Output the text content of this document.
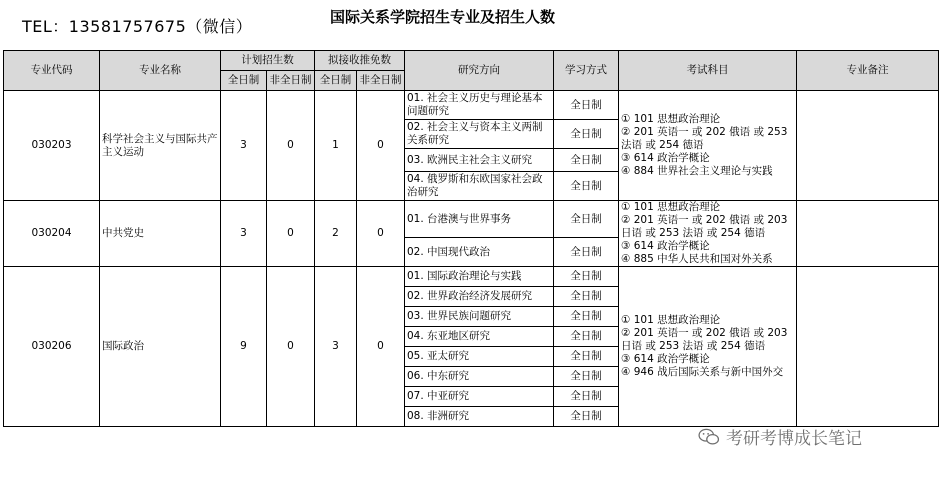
TEL：13581757675（微信）	国际关系学院招生专业及招生人数
专业代码	专业名称	计划招生数		拟接收推免数		研究方向	学习方式	考试科目	专业备注
		全日制	非全日制	全日制	非全日制				
030203	科学社会主义与国际共产主义运动	3	0	1	0	01. 社会主义历史与理论基本问题研究	全日制	① 101 思想政治理论
② 201 英语一 或 202 俄语 或 253 法语 或 254 德语
③ 614 政治学概论
④ 884 世界社会主义理论与实践	

						02. 社会主义与资本主义两制关系研究	全日制		
						03. 欧洲民主社会主义研究	全日制		
						04. 俄罗斯和东欧国家社会政治研究	全日制		
030204	中共党史	3	0	2	0	01. 台港澳与世界事务	全日制	① 101 思想政治理论
② 201 英语一 或 202 俄语 或 203 日语 或 253 法语 或 254 德语
③ 614 政治学概论
④ 885 中华人民共和国对外关系	

						02. 中国现代政治	全日制		
030206	国际政治	9	0	3	0	01. 国际政治理论与实践	全日制	① 101 思想政治理论
② 201 英语一 或 202 俄语 或 203 日语 或 253 法语 或 254 德语
③ 614 政治学概论
④ 946 战后国际关系与新中国外交	

						02. 世界政治经济发展研究	全日制		
						03. 世界民族问题研究	全日制		
						04. 东亚地区研究	全日制		
						05. 亚太研究	全日制		
						06. 中东研究	全日制		
						07. 中亚研究	全日制		
						08. 非洲研究	全日制		
考研考博成长笔记
